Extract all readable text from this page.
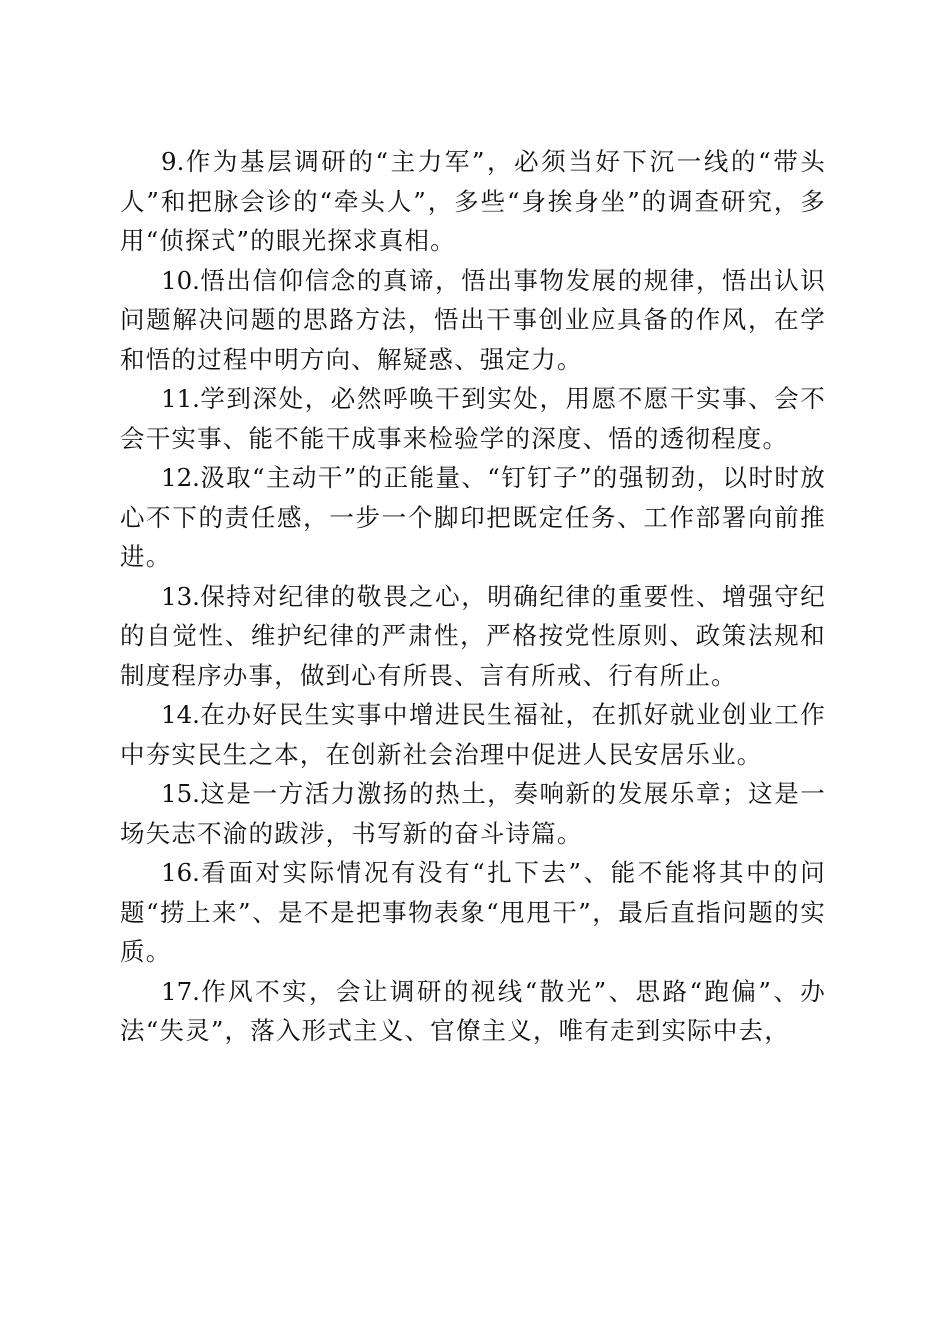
9.作为基层调研的“主力军”，必须当好下沉一线的“带头人”和把脉会诊的“牵头人”，多些“身挨身坐”的调查研究，多用“侦探式”的眼光探求真相。

10.悟出信仰信念的真谛，悟出事物发展的规律，悟出认识问题解决问题的思路方法，悟出干事创业应具备的作风，在学和悟的过程中明方向、解疑惑、强定力。

11.学到深处，必然呼唤干到实处，用愿不愿干实事、会不会干实事、能不能干成事来检验学的深度、悟的透彻程度。

12.汲取“主动干”的正能量、“钉钉子”的强韧劲，以时时放心不下的责任感，一步一个脚印把既定任务、工作部署向前推进。

13.保持对纪律的敬畏之心，明确纪律的重要性、增强守纪的自觉性、维护纪律的严肃性，严格按党性原则、政策法规和制度程序办事，做到心有所畏、言有所戒、行有所止。

14.在办好民生实事中增进民生福祉，在抓好就业创业工作中夯实民生之本，在创新社会治理中促进人民安居乐业。

15.这是一方活力激扬的热土，奏响新的发展乐章；这是一场矢志不渝的跋涉，书写新的奋斗诗篇。

16.看面对实际情况有没有“扎下去”、能不能将其中的问题“捞上来”、是不是把事物表象“甩甩干”，最后直指问题的实质。

17.作风不实，会让调研的视线“散光”、思路“跑偏”、办法“失灵”，落入形式主义、官僚主义，唯有走到实际中去，
